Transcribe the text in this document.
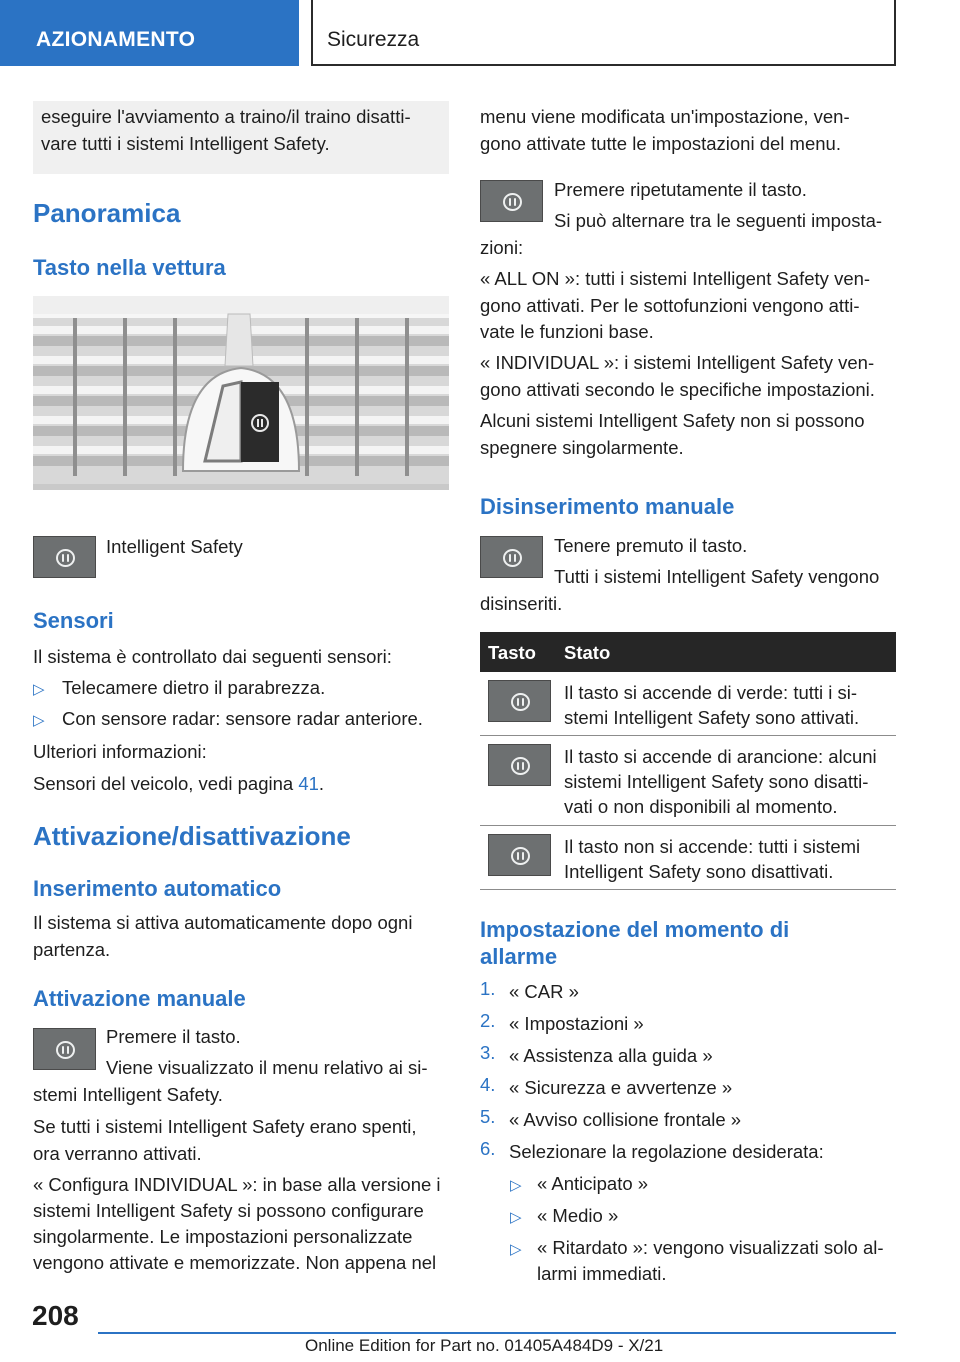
AZIONAMENTO	Sicurezza

eseguire l'avviamento a traino/il traino disatti-

vare tutti i sistemi Intelligent Safety.

Panoramica
Tasto nella vettura
Intelligent Safety
Sensori
Il sistema è controllato dai seguenti sensori:
▷ Telecamere dietro il parabrezza.
▷ Con sensore radar: sensore radar anteriore.
Ulteriori informazioni:
Sensori del veicolo, vedi pagina 41.
Attivazione/disattivazione
Inserimento automatico
Il sistema si attiva automaticamente dopo ogni
partenza.
Attivazione manuale
Premere il tasto.
Viene visualizzato il menu relativo ai si-
stemi Intelligent Safety.
Se tutti i sistemi Intelligent Safety erano spenti,
ora verranno attivati.
« Configura INDIVIDUAL »: in base alla versione i
sistemi Intelligent Safety si possono configurare
singolarmente. Le impostazioni personalizzate
vengono attivate e memorizzate. Non appena nel
menu viene modificata un'impostazione, ven-
gono attivate tutte le impostazioni del menu.
Premere ripetutamente il tasto.
Si può alternare tra le seguenti imposta-
zioni:
« ALL ON »: tutti i sistemi Intelligent Safety ven-
gono attivati. Per le sottofunzioni vengono atti-
vate le funzioni base.
« INDIVIDUAL »: i sistemi Intelligent Safety ven-
gono attivati secondo le specifiche impostazioni.
Alcuni sistemi Intelligent Safety non si possono
spegnere singolarmente.
Disinserimento manuale
Tenere premuto il tasto.
Tutti i sistemi Intelligent Safety vengono
disinseriti.
Tasto Stato
Il tasto si accende di verde: tutti i si-
stemi Intelligent Safety sono attivati.
Il tasto si accende di arancione: alcuni
sistemi Intelligent Safety sono disatti-
vati o non disponibili al momento.
Il tasto non si accende: tutti i sistemi
Intelligent Safety sono disattivati.
Impostazione del momento di
allarme
1. « CAR »
2. « Impostazioni »
3. « Assistenza alla guida »
4. « Sicurezza e avvertenze »
5. « Avviso collisione frontale »
6. Selezionare la regolazione desiderata:
▷ « Anticipato »
▷ « Medio »
▷ « Ritardato »: vengono visualizzati solo al-
larmi immediati.
208
Online Edition for Part no. 01405A484D9 - X/21
